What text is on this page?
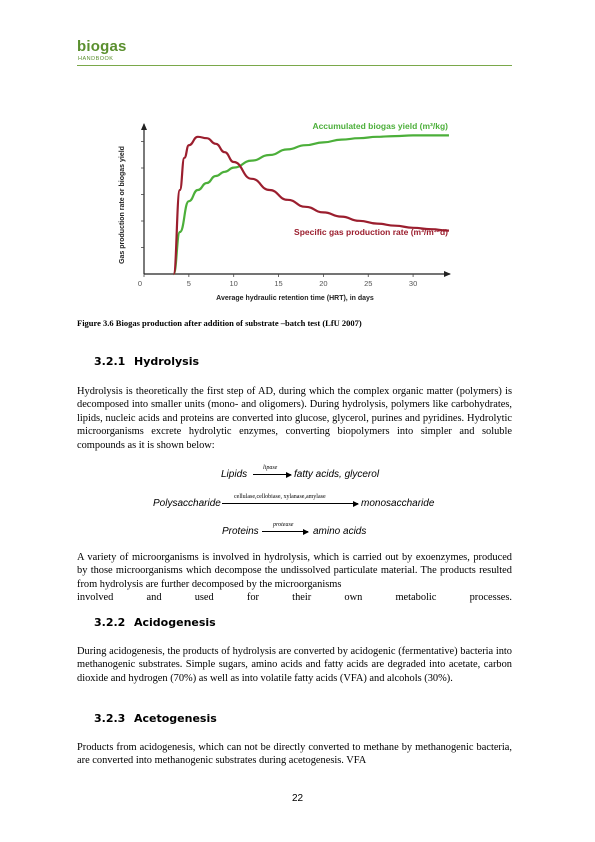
biogas
HANDBOOK
0	5	10	15	20	25	30
Accumulated biogas yield (m³/kg)
Specific gas production rate (m³/m³*d)
Average hydraulic retention time (HRT), in days
Gas production rate or biogas yield
Figure 3.6 Biogas production after addition of substrate –batch test (LfU 2007)
3.2.1 Hydrolysis
Hydrolysis is theoretically the first step of AD, during which the complex organic matter (polymers) is decomposed into smaller units (mono- and oligomers). During hydrolysis, polymers like carbohydrates, lipids, nucleic acids and proteins are converted into glucose, glycerol, purines and pyridines. Hydrolytic microorganisms excrete hydrolytic enzymes, converting biopolymers into simpler and soluble compounds as it is shown below:
Lipids
lipase
→ fatty acids, glycerol
Polysaccharide
cellulase,cellobiase, xylanase,amylase
monosaccharide
Proteins
protease
→ amino acids
A variety of microorganisms is involved in hydrolysis, which is carried out by exoenzymes, produced by those microorganisms which decompose the undissolved particulate material. The products resulted from hydrolysis are further decomposed by the microorganisms
involved and used for their own metabolic processes.
3.2.2 Acidogenesis
During acidogenesis, the products of hydrolysis are converted by acidogenic (fermentative) bacteria into methanogenic substrates. Simple sugars, amino acids and fatty acids are degraded into acetate, carbon dioxide and hydrogen (70%) as well as into volatile fatty acids (VFA) and alcohols (30%).
3.2.3 Acetogenesis
Products from acidogenesis, which can not be directly converted to methane by methanogenic bacteria, are converted into methanogenic substrates during acetogenesis. VFA
22
